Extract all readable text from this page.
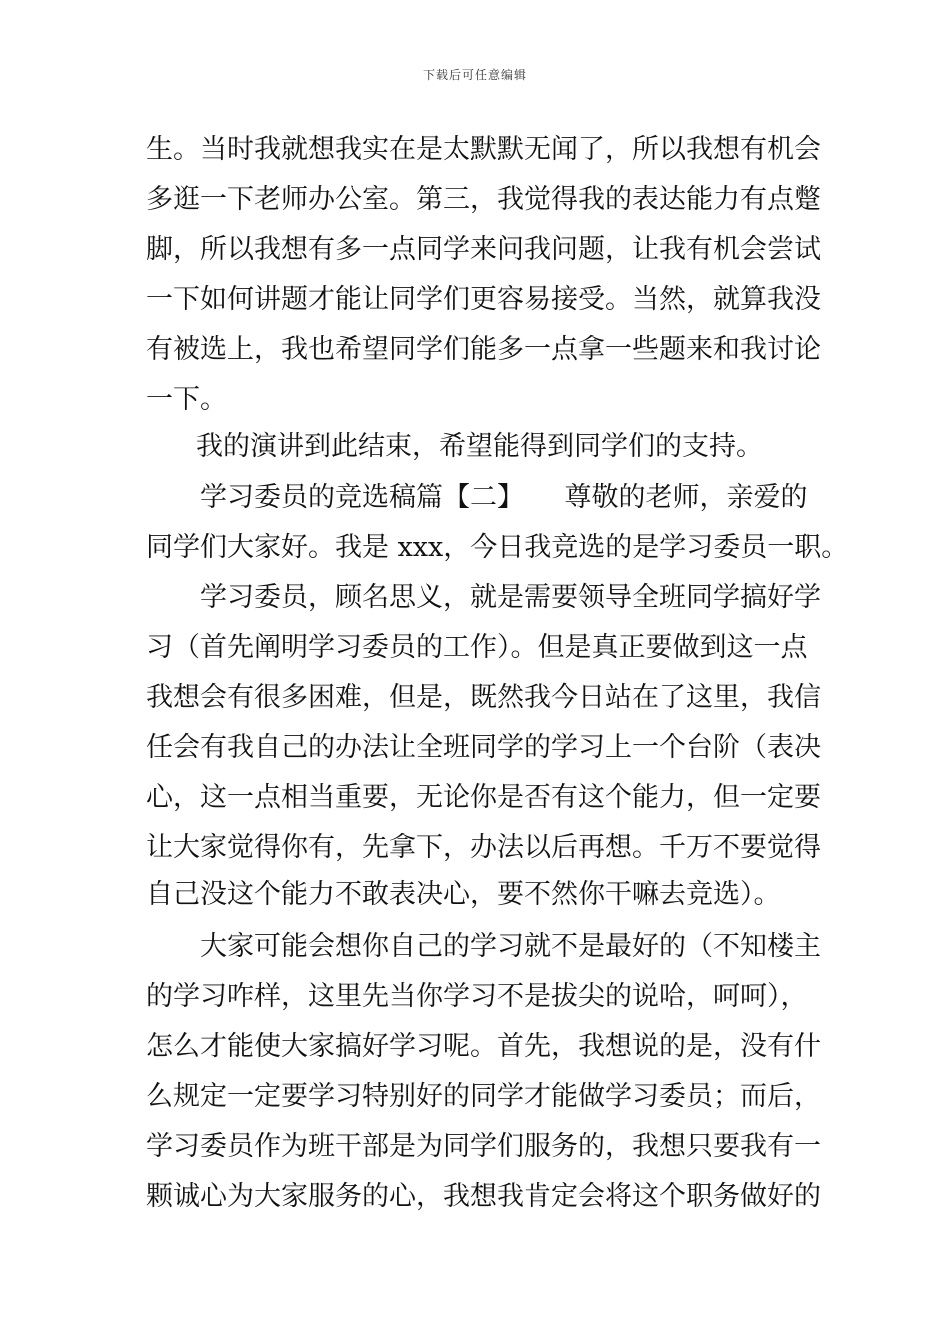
下载后可任意编辑
生。当时我就想我实在是太默默无闻了，所以我想有机会
多逛一下老师办公室。第三，我觉得我的表达能力有点蹩
脚，所以我想有多一点同学来问我问题，让我有机会尝试
一下如何讲题才能让同学们更容易接受。当然，就算我没
有被选上，我也希望同学们能多一点拿一些题来和我讨论
一下。
我的演讲到此结束，希望能得到同学们的支持。
学习委员的竞选稿篇【二】　　尊敬的老师，亲爱的
同学们大家好。我是 xxx，今日我竞选的是学习委员一职。
学习委员，顾名思义，就是需要领导全班同学搞好学
习（首先阐明学习委员的工作）。但是真正要做到这一点
我想会有很多困难，但是，既然我今日站在了这里，我信
任会有我自己的办法让全班同学的学习上一个台阶（表决
心，这一点相当重要，无论你是否有这个能力，但一定要
让大家觉得你有，先拿下，办法以后再想。千万不要觉得
自己没这个能力不敢表决心，要不然你干嘛去竞选）。
大家可能会想你自己的学习就不是最好的（不知楼主
的学习咋样，这里先当你学习不是拔尖的说哈，呵呵），
怎么才能使大家搞好学习呢。首先，我想说的是，没有什
么规定一定要学习特别好的同学才能做学习委员；而后，
学习委员作为班干部是为同学们服务的，我想只要我有一
颗诚心为大家服务的心，我想我肯定会将这个职务做好的
